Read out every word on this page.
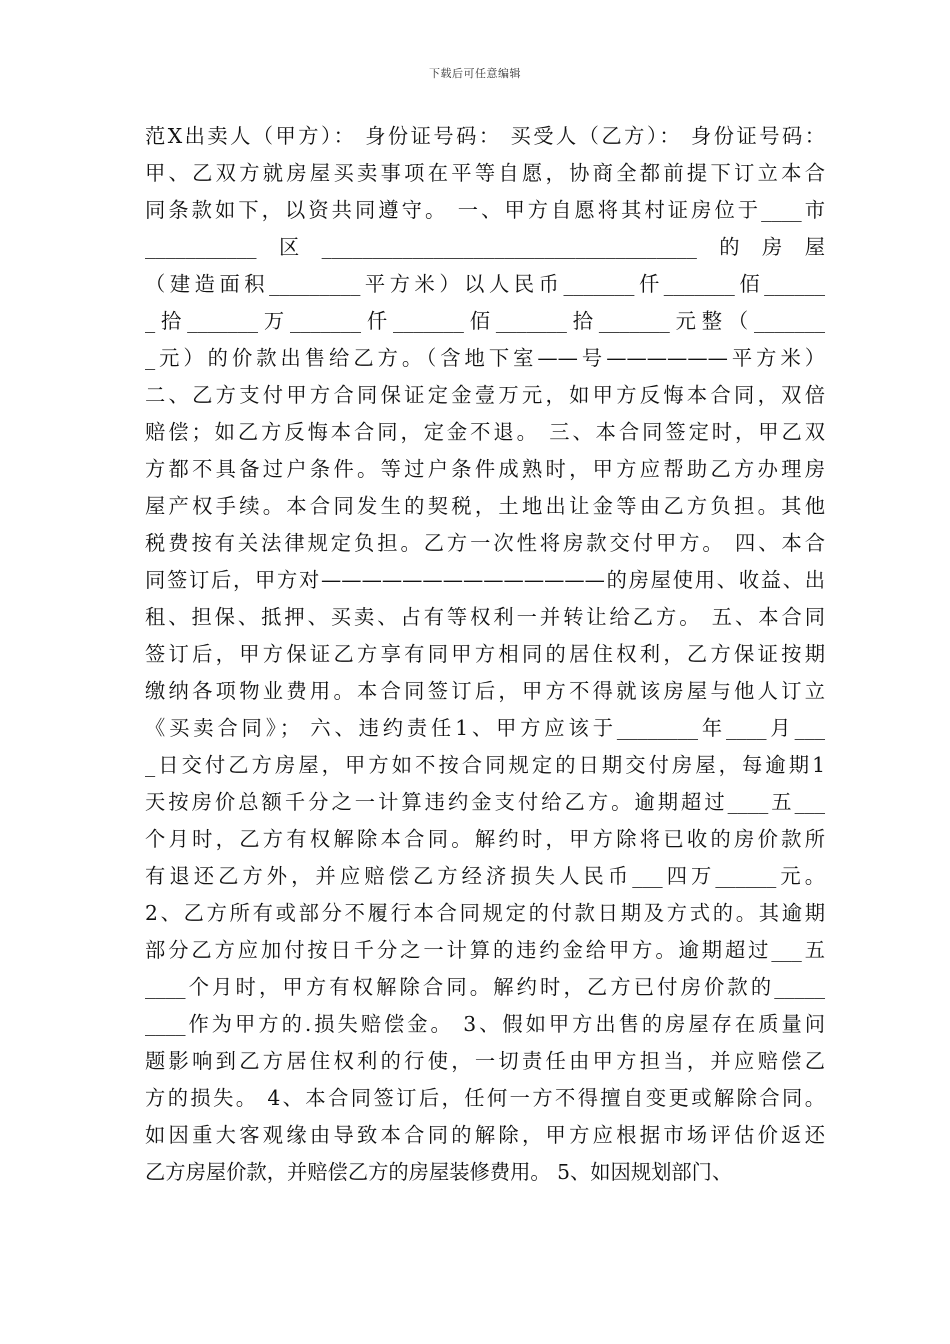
下载后可任意编辑
范X出卖人（甲方）： 身份证号码： 买受人（乙方）： 身份证号码：
甲、乙双方就房屋买卖事项在平等自愿，协商全都前提下订立本合
同条款如下，以资共同遵守。 一、甲方自愿将其村证房位于____市
___________区_____________________________________的房屋
（建造面积_________平方米）以人民币_______仟_______佰______
_拾_______万_______仟_______佰_______拾_______元整（_______
_元）的价款出售给乙方。（含地下室——号——————平方米）
二、乙方支付甲方合同保证定金壹万元，如甲方反悔本合同，双倍
赔偿；如乙方反悔本合同，定金不退。 三、本合同签定时，甲乙双
方都不具备过户条件。等过户条件成熟时，甲方应帮助乙方办理房
屋产权手续。本合同发生的契税，土地出让金等由乙方负担。其他
税费按有关法律规定负担。乙方一次性将房款交付甲方。 四、本合
同签订后，甲方对——————————————的房屋使用、收益、出
租、担保、抵押、买卖、占有等权利一并转让给乙方。 五、本合同
签订后，甲方保证乙方享有同甲方相同的居住权利，乙方保证按期
缴纳各项物业费用。本合同签订后，甲方不得就该房屋与他人订立
《买卖合同》； 六、违约责任1、甲方应该于________年____月___
_日交付乙方房屋，甲方如不按合同规定的日期交付房屋，每逾期1
天按房价总额千分之一计算违约金支付给乙方。逾期超过____五___
个月时，乙方有权解除本合同。解约时，甲方除将已收的房价款所
有退还乙方外，并应赔偿乙方经济损失人民币___四万______元。
2、乙方所有或部分不履行本合同规定的付款日期及方式的。其逾期
部分乙方应加付按日千分之一计算的违约金给甲方。逾期超过___五
____个月时，甲方有权解除合同。解约时，乙方已付房价款的_____
____作为甲方的.损失赔偿金。 3、假如甲方出售的房屋存在质量问
题影响到乙方居住权利的行使，一切责任由甲方担当，并应赔偿乙
方的损失。 4、本合同签订后，任何一方不得擅自变更或解除合同。
如因重大客观缘由导致本合同的解除，甲方应根据市场评估价返还
乙方房屋价款，并赔偿乙方的房屋装修费用。 5、如因规划部门、
